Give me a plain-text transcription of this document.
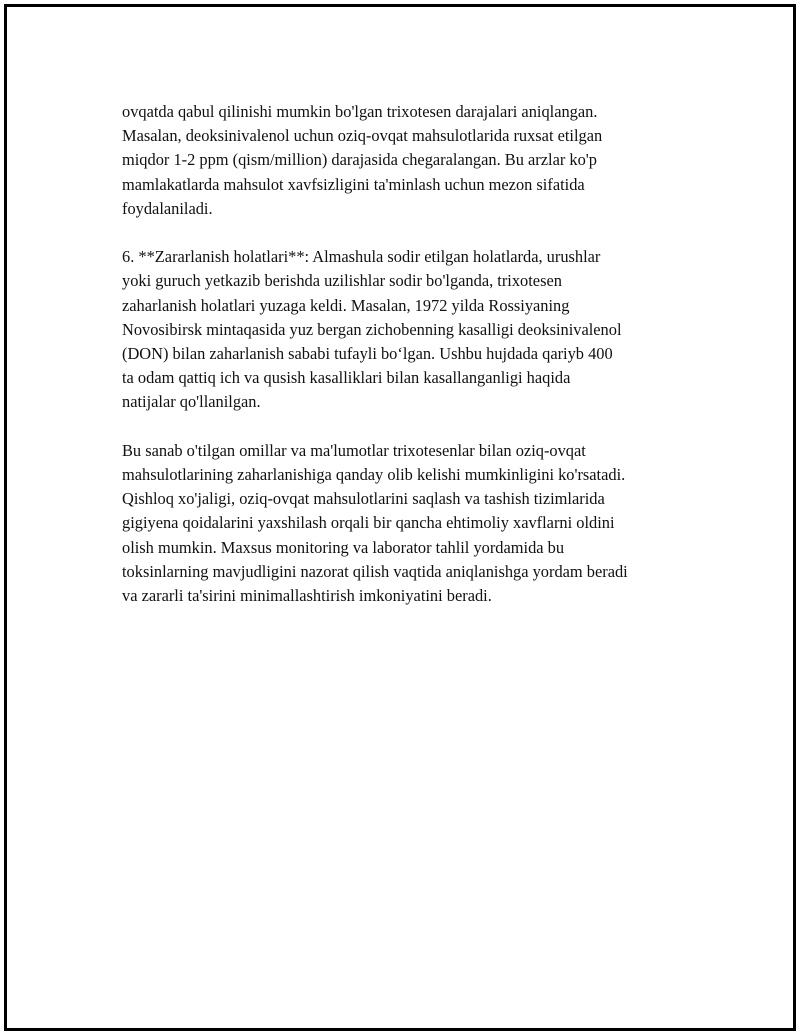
ovqatda qabul qilinishi mumkin bo'lgan trixotesen darajalari aniqlangan.
Masalan, deoksinivalenol uchun oziq-ovqat mahsulotlarida ruxsat etilgan
miqdor 1-2 ppm (qism/million) darajasida chegaralangan. Bu arzlar ko'p
mamlakatlarda mahsulot xavfsizligini ta'minlash uchun mezon sifatida
foydalaniladi.

6. **Zararlanish holatlari**: Almashula sodir etilgan holatlarda, urushlar
yoki guruch yetkazib berishda uzilishlar sodir bo'lganda, trixotesen
zaharlanish holatlari yuzaga keldi. Masalan, 1972 yilda Rossiyaning
Novosibirsk mintaqasida yuz bergan zichobenning kasalligi deoksinivalenol
(DON) bilan zaharlanish sababi tufayli bo‘lgan. Ushbu hujdada qariyb 400
ta odam qattiq ich va qusish kasalliklari bilan kasallanganligi haqida
natijalar qo'llanilgan.

Bu sanab o'tilgan omillar va ma'lumotlar trixotesenlar bilan oziq-ovqat
mahsulotlarining zaharlanishiga qanday olib kelishi mumkinligini ko'rsatadi.
Qishloq xo'jaligi, oziq-ovqat mahsulotlarini saqlash va tashish tizimlarida
gigiyena qoidalarini yaxshilash orqali bir qancha ehtimoliy xavflarni oldini
olish mumkin. Maxsus monitoring va laborator tahlil yordamida bu
toksinlarning mavjudligini nazorat qilish vaqtida aniqlanishga yordam beradi
va zararli ta'sirini minimallashtirish imkoniyatini beradi.
